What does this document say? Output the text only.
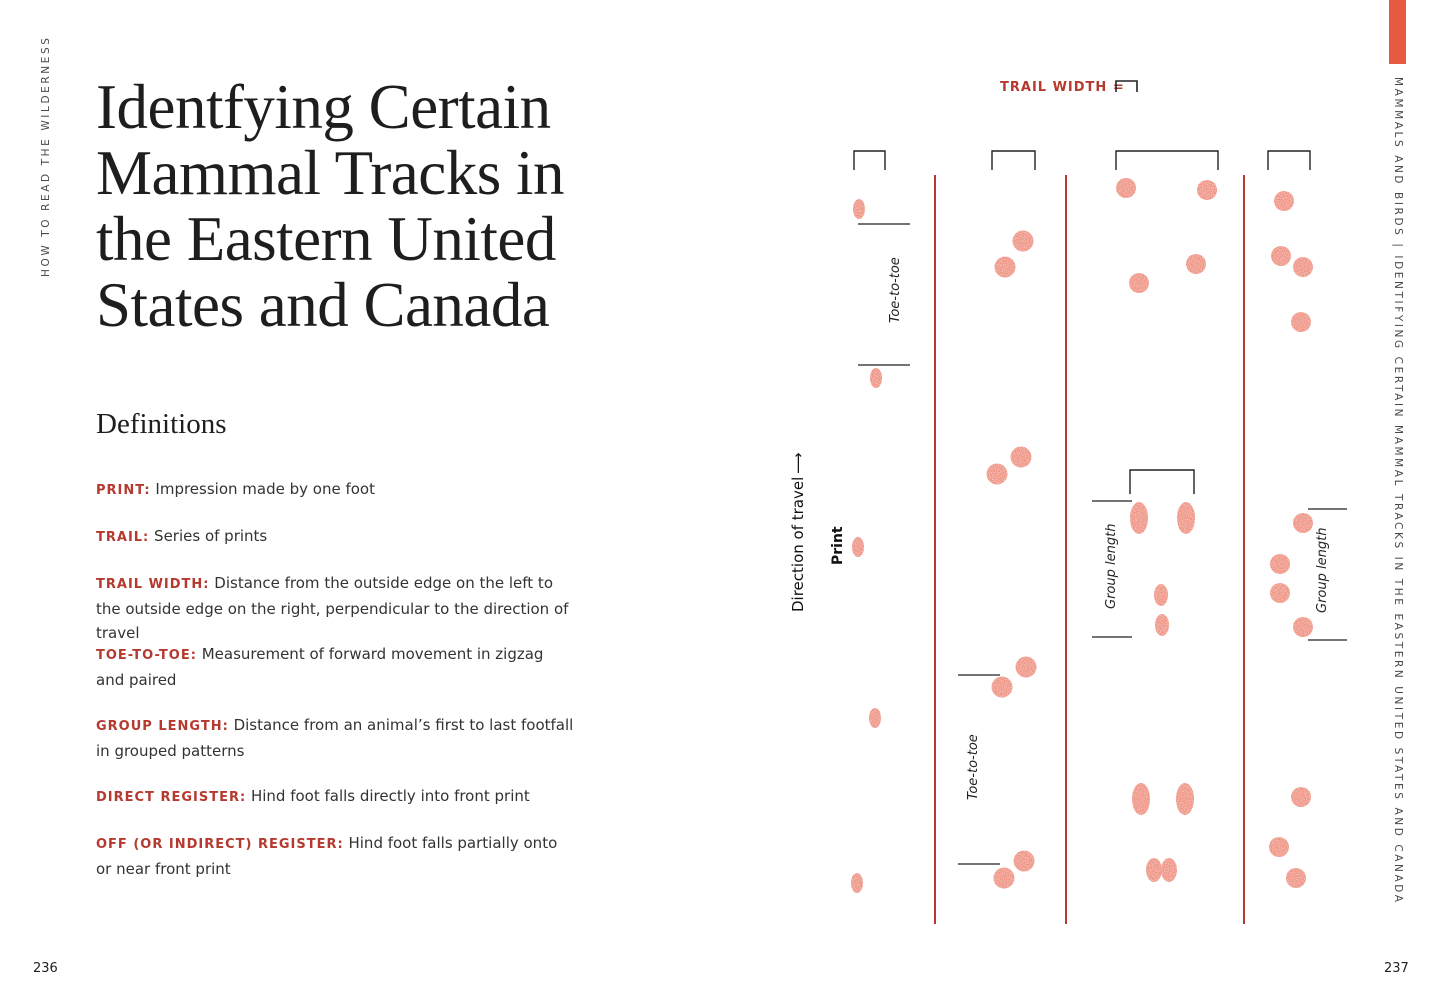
HOW TO READ THE WILDERNESS	MAMMALS AND BIRDS | IDENTIFYING CERTAIN MAMMAL TRACKS IN THE EASTERN UNITED STATES AND CANADA
Identfying Certain Mammal Tracks in the Eastern United States and Canada
Definitions
PRINT: Impression made by one foot
TRAIL: Series of prints
TRAIL WIDTH: Distance from the outside edge on the left to the outside edge on the right, perpendicular to the direction of travel
TOE-TO-TOE: Measurement of forward movement in zigzag and paired
GROUP LENGTH: Distance from an animal’s first to last footfall in grouped patterns
DIRECT REGISTER: Hind foot falls directly into front print
OFF (OR INDIRECT) REGISTER: Hind foot falls partially onto or near front print
236	237
TRAIL WIDTH =
Direction of travel
⟶
Print
Toe-to-toe
Toe-to-toe
Group length	Group length
